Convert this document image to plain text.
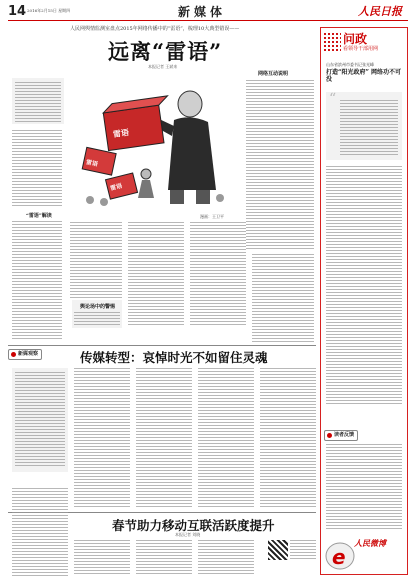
14 2016年2月15日 星期四	新媒体	人民日报
人民网舆情监测室盘点2015年网络传播中的“雷语”，梳理10大典型错误——
远离“雷语”
本报记者 王斌来
“雷语”解读
雷语
雷语
雷语
漫画：王卫平
网络互动说明
舆论场中的警惕
新媒观察	传媒转型：哀悼时光不如留住灵魂
春节助力移动互联活跃度提升
本报记者 刘晓
问政
看领导干部用网
山东省滨州市委书记张光峰
打造“阳光政府” 网络功不可没
“
读者反馈
e
人民微博
